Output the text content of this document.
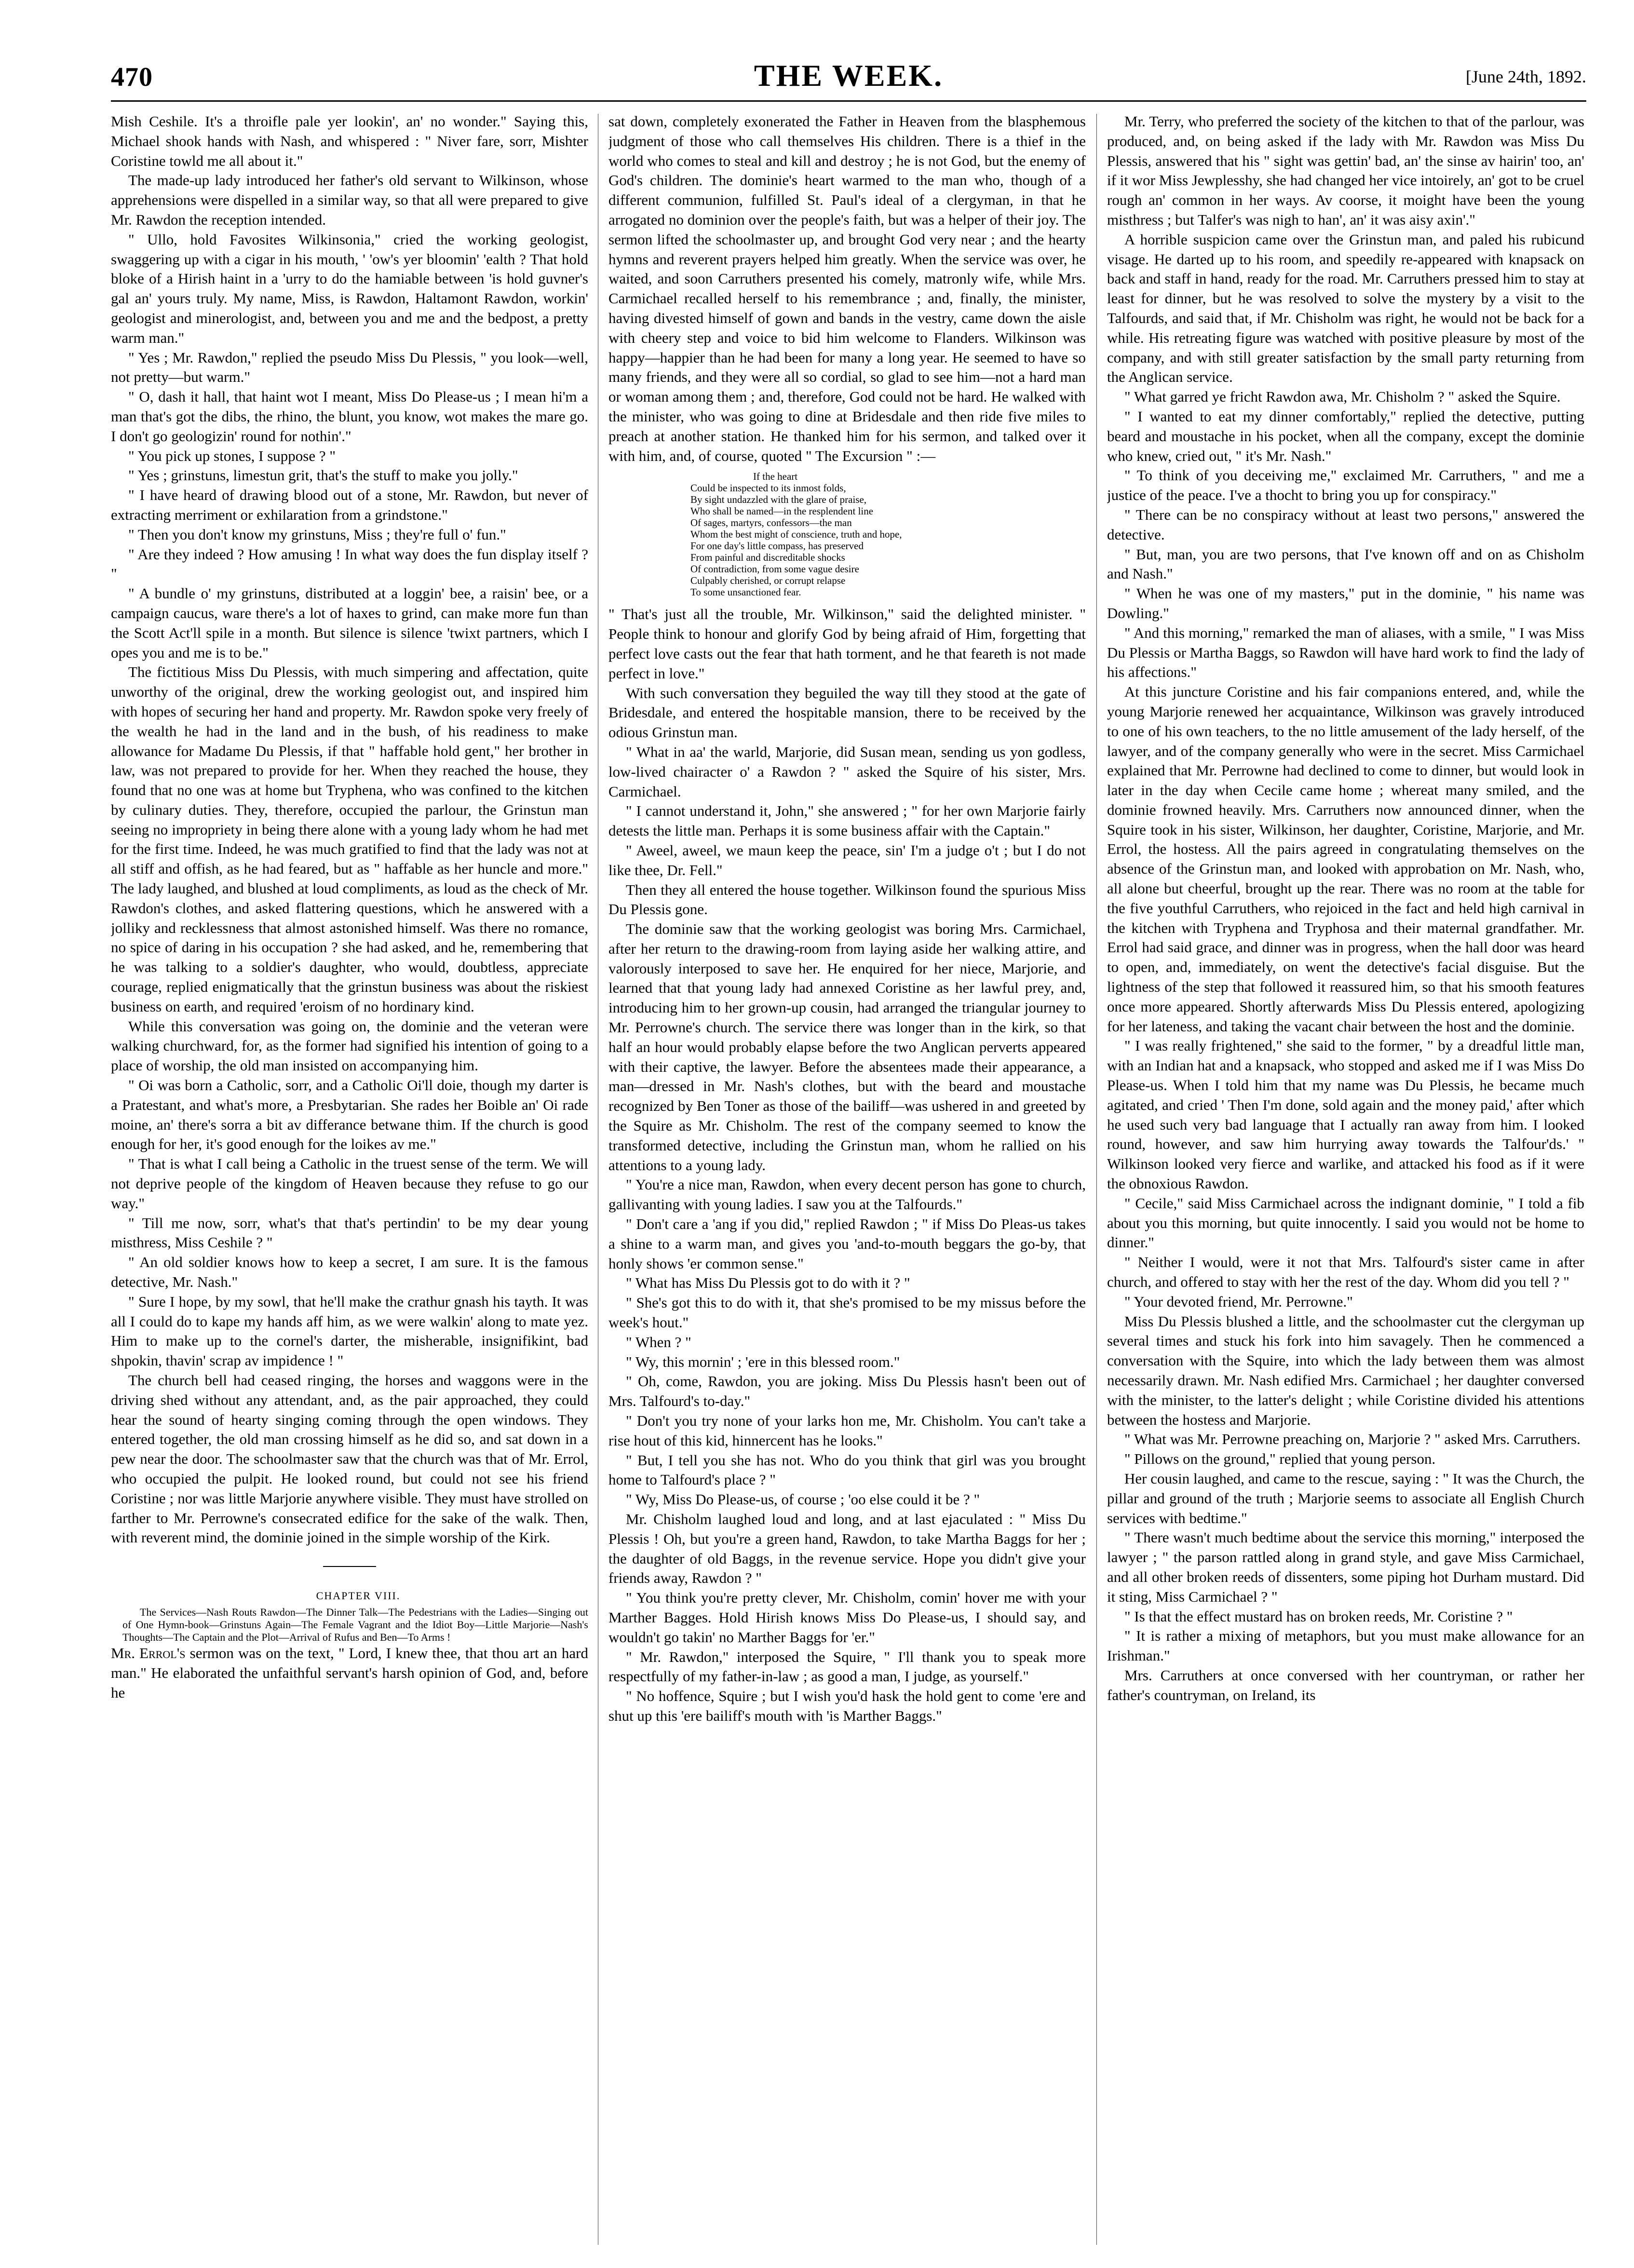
470	THE WEEK.	[June 24th, 1892.

Mish Ceshile. It's a throifle pale yer lookin', an' no wonder." Saying this, Michael shook hands with Nash, and whispered : " Niver fare, sorr, Mishter Coristine towld me all about it."

The made-up lady introduced her father's old servant to Wilkinson, whose apprehensions were dispelled in a similar way, so that all were prepared to give Mr. Rawdon the reception intended.

" Ullo, hold Favosites Wilkinsonia," cried the working geologist, swaggering up with a cigar in his mouth, ' 'ow's yer bloomin' 'ealth ? That hold bloke of a Hirish haint in a 'urry to do the hamiable between 'is hold guvner's gal an' yours truly. My name, Miss, is Rawdon, Haltamont Rawdon, workin' geologist and minerologist, and, between you and me and the bedpost, a pretty warm man."

" Yes ; Mr. Rawdon," replied the pseudo Miss Du Plessis, " you look—well, not pretty—but warm."

" O, dash it hall, that haint wot I meant, Miss Do Please-us ; I mean hi'm a man that's got the dibs, the rhino, the blunt, you know, wot makes the mare go. I don't go geologizin' round for nothin'."

" You pick up stones, I suppose ? "

" Yes ; grinstuns, limestun grit, that's the stuff to make you jolly."

" I have heard of drawing blood out of a stone, Mr. Rawdon, but never of extracting merriment or exhilaration from a grindstone."

" Then you don't know my grinstuns, Miss ; they're full o' fun."

" Are they indeed ? How amusing ! In what way does the fun display itself ? "

" A bundle o' my grinstuns, distributed at a loggin' bee, a raisin' bee, or a campaign caucus, ware there's a lot of haxes to grind, can make more fun than the Scott Act'll spile in a month. But silence is silence 'twixt partners, which I opes you and me is to be."

The fictitious Miss Du Plessis, with much simpering and affectation, quite unworthy of the original, drew the working geologist out, and inspired him with hopes of securing her hand and property. Mr. Rawdon spoke very freely of the wealth he had in the land and in the bush, of his readiness to make allowance for Madame Du Plessis, if that " haffable hold gent," her brother in law, was not prepared to provide for her. When they reached the house, they found that no one was at home but Tryphena, who was confined to the kitchen by culinary duties. They, therefore, occupied the parlour, the Grinstun man seeing no impropriety in being there alone with a young lady whom he had met for the first time. Indeed, he was much gratified to find that the lady was not at all stiff and offish, as he had feared, but as " haffable as her huncle and more." The lady laughed, and blushed at loud compliments, as loud as the check of Mr. Rawdon's clothes, and asked flattering questions, which he answered with a jolliky and recklessness that almost astonished himself. Was there no romance, no spice of daring in his occupation ? she had asked, and he, remembering that he was talking to a soldier's daughter, who would, doubtless, appreciate courage, replied enigmatically that the grinstun business was about the riskiest business on earth, and required 'eroism of no hordinary kind.

While this conversation was going on, the dominie and the veteran were walking churchward, for, as the former had signified his intention of going to a place of worship, the old man insisted on accompanying him.

" Oi was born a Catholic, sorr, and a Catholic Oi'll doie, though my darter is a Pratestant, and what's more, a Presbytarian. She rades her Boible an' Oi rade moine, an' there's sorra a bit av differance betwane thim. If the church is good enough for her, it's good enough for the loikes av me."

" That is what I call being a Catholic in the truest sense of the term. We will not deprive people of the kingdom of Heaven because they refuse to go our way."

" Till me now, sorr, what's that that's pertindin' to be my dear young misthress, Miss Ceshile ? "

" An old soldier knows how to keep a secret, I am sure. It is the famous detective, Mr. Nash."

" Sure I hope, by my sowl, that he'll make the crathur gnash his tayth. It was all I could do to kape my hands aff him, as we were walkin' along to mate yez. Him to make up to the cornel's darter, the misherable, insignifikint, bad shpokin, thavin' scrap av impidence ! "

The church bell had ceased ringing, the horses and waggons were in the driving shed without any attendant, and, as the pair approached, they could hear the sound of hearty singing coming through the open windows. They entered together, the old man crossing himself as he did so, and sat down in a pew near the door. The schoolmaster saw that the church was that of Mr. Errol, who occupied the pulpit. He looked round, but could not see his friend Coristine ; nor was little Marjorie anywhere visible. They must have strolled on farther to Mr. Perrowne's consecrated edifice for the sake of the walk. Then, with reverent mind, the dominie joined in the simple worship of the Kirk.

CHAPTER VIII.

The Services—Nash Routs Rawdon—The Dinner Talk—The Pedestrians with the Ladies—Singing out of One Hymn-book—Grinstuns Again—The Female Vagrant and the Idiot Boy—Little Marjorie—Nash's Thoughts—The Captain and the Plot—Arrival of Rufus and Ben—To Arms !

Mr. Errol's sermon was on the text, " Lord, I knew thee, that thou art an hard man." He elaborated the unfaithful servant's harsh opinion of God, and, before he

sat down, completely exonerated the Father in Heaven from the blasphemous judgment of those who call themselves His children. There is a thief in the world who comes to steal and kill and destroy ; he is not God, but the enemy of God's children. The dominie's heart warmed to the man who, though of a different communion, fulfilled St. Paul's ideal of a clergyman, in that he arrogated no dominion over the people's faith, but was a helper of their joy. The sermon lifted the schoolmaster up, and brought God very near ; and the hearty hymns and reverent prayers helped him greatly. When the service was over, he waited, and soon Carruthers presented his comely, matronly wife, while Mrs. Carmichael recalled herself to his remembrance ; and, finally, the minister, having divested himself of gown and bands in the vestry, came down the aisle with cheery step and voice to bid him welcome to Flanders. Wilkinson was happy—happier than he had been for many a long year. He seemed to have so many friends, and they were all so cordial, so glad to see him—not a hard man or woman among them ; and, therefore, God could not be hard. He walked with the minister, who was going to dine at Bridesdale and then ride five miles to preach at another station. He thanked him for his sermon, and talked over it with him, and, of course, quoted " The Excursion " :—

If the heart
Could be inspected to its inmost folds,
By sight undazzled with the glare of praise,
Who shall be named—in the resplendent line
Of sages, martyrs, confessors—the man
Whom the best might of conscience, truth and hope,
For one day's little compass, has preserved
From painful and discreditable shocks
Of contradiction, from some vague desire
Culpably cherished, or corrupt relapse
To some unsanctioned fear.

" That's just all the trouble, Mr. Wilkinson," said the delighted minister. " People think to honour and glorify God by being afraid of Him, forgetting that perfect love casts out the fear that hath torment, and he that feareth is not made perfect in love."

With such conversation they beguiled the way till they stood at the gate of Bridesdale, and entered the hospitable mansion, there to be received by the odious Grinstun man.

" What in aa' the warld, Marjorie, did Susan mean, sending us yon godless, low-lived chairacter o' a Rawdon ? " asked the Squire of his sister, Mrs. Carmichael.

" I cannot understand it, John," she answered ; " for her own Marjorie fairly detests the little man. Perhaps it is some business affair with the Captain."

" Aweel, aweel, we maun keep the peace, sin' I'm a judge o't ; but I do not like thee, Dr. Fell."

Then they all entered the house together. Wilkinson found the spurious Miss Du Plessis gone.

The dominie saw that the working geologist was boring Mrs. Carmichael, after her return to the drawing-room from laying aside her walking attire, and valorously interposed to save her. He enquired for her niece, Marjorie, and learned that that young lady had annexed Coristine as her lawful prey, and, introducing him to her grown-up cousin, had arranged the triangular journey to Mr. Perrowne's church. The service there was longer than in the kirk, so that half an hour would probably elapse before the two Anglican perverts appeared with their captive, the lawyer. Before the absentees made their appearance, a man—dressed in Mr. Nash's clothes, but with the beard and moustache recognized by Ben Toner as those of the bailiff—was ushered in and greeted by the Squire as Mr. Chisholm. The rest of the company seemed to know the transformed detective, including the Grinstun man, whom he rallied on his attentions to a young lady.

" You're a nice man, Rawdon, when every decent person has gone to church, gallivanting with young ladies. I saw you at the Talfourds."

" Don't care a 'ang if you did," replied Rawdon ; " if Miss Do Pleas-us takes a shine to a warm man, and gives you 'and-to-mouth beggars the go-by, that honly shows 'er common sense."

" What has Miss Du Plessis got to do with it ? "

" She's got this to do with it, that she's promised to be my missus before the week's hout."

" When ? "

" Wy, this mornin' ; 'ere in this blessed room."

" Oh, come, Rawdon, you are joking. Miss Du Plessis hasn't been out of Mrs. Talfourd's to-day."

" Don't you try none of your larks hon me, Mr. Chisholm. You can't take a rise hout of this kid, hinnercent has he looks."

" But, I tell you she has not. Who do you think that girl was you brought home to Talfourd's place ? "

" Wy, Miss Do Please-us, of course ; 'oo else could it be ? "

Mr. Chisholm laughed loud and long, and at last ejaculated : " Miss Du Plessis ! Oh, but you're a green hand, Rawdon, to take Martha Baggs for her ; the daughter of old Baggs, in the revenue service. Hope you didn't give your friends away, Rawdon ? "

" You think you're pretty clever, Mr. Chisholm, comin' hover me with your Marther Bagges. Hold Hirish knows Miss Do Please-us, I should say, and wouldn't go takin' no Marther Baggs for 'er."

" Mr. Rawdon," interposed the Squire, " I'll thank you to speak more respectfully of my father-in-law ; as good a man, I judge, as yourself."

" No hoffence, Squire ; but I wish you'd hask the hold gent to come 'ere and shut up this 'ere bailiff's mouth with 'is Marther Baggs."

Mr. Terry, who preferred the society of the kitchen to that of the parlour, was produced, and, on being asked if the lady with Mr. Rawdon was Miss Du Plessis, answered that his " sight was gettin' bad, an' the sinse av hairin' too, an' if it wor Miss Jewplesshy, she had changed her vice intoirely, an' got to be cruel rough an' common in her ways. Av coorse, it moight have been the young misthress ; but Talfer's was nigh to han', an' it was aisy axin'."

A horrible suspicion came over the Grinstun man, and paled his rubicund visage. He darted up to his room, and speedily re-appeared with knapsack on back and staff in hand, ready for the road. Mr. Carruthers pressed him to stay at least for dinner, but he was resolved to solve the mystery by a visit to the Talfourds, and said that, if Mr. Chisholm was right, he would not be back for a while. His retreating figure was watched with positive pleasure by most of the company, and with still greater satisfaction by the small party returning from the Anglican service.

" What garred ye fricht Rawdon awa, Mr. Chisholm ? " asked the Squire.

" I wanted to eat my dinner comfortably," replied the detective, putting beard and moustache in his pocket, when all the company, except the dominie who knew, cried out, " it's Mr. Nash."

" To think of you deceiving me," exclaimed Mr. Carruthers, " and me a justice of the peace. I've a thocht to bring you up for conspiracy."

" There can be no conspiracy without at least two persons," answered the detective.

" But, man, you are two persons, that I've known off and on as Chisholm and Nash."

" When he was one of my masters," put in the dominie, " his name was Dowling."

" And this morning," remarked the man of aliases, with a smile, " I was Miss Du Plessis or Martha Baggs, so Rawdon will have hard work to find the lady of his affections."

At this juncture Coristine and his fair companions entered, and, while the young Marjorie renewed her acquaintance, Wilkinson was gravely introduced to one of his own teachers, to the no little amusement of the lady herself, of the lawyer, and of the company generally who were in the secret. Miss Carmichael explained that Mr. Perrowne had declined to come to dinner, but would look in later in the day when Cecile came home ; whereat many smiled, and the dominie frowned heavily. Mrs. Carruthers now announced dinner, when the Squire took in his sister, Wilkinson, her daughter, Coristine, Marjorie, and Mr. Errol, the hostess. All the pairs agreed in congratulating themselves on the absence of the Grinstun man, and looked with approbation on Mr. Nash, who, all alone but cheerful, brought up the rear. There was no room at the table for the five youthful Carruthers, who rejoiced in the fact and held high carnival in the kitchen with Tryphena and Tryphosa and their maternal grandfather. Mr. Errol had said grace, and dinner was in progress, when the hall door was heard to open, and, immediately, on went the detective's facial disguise. But the lightness of the step that followed it reassured him, so that his smooth features once more appeared. Shortly afterwards Miss Du Plessis entered, apologizing for her lateness, and taking the vacant chair between the host and the dominie.

" I was really frightened," she said to the former, " by a dreadful little man, with an Indian hat and a knapsack, who stopped and asked me if I was Miss Do Please-us. When I told him that my name was Du Plessis, he became much agitated, and cried ' Then I'm done, sold again and the money paid,' after which he used such very bad language that I actually ran away from him. I looked round, however, and saw him hurrying away towards the Talfour'ds.' " Wilkinson looked very fierce and warlike, and attacked his food as if it were the obnoxious Rawdon.

" Cecile," said Miss Carmichael across the indignant dominie, " I told a fib about you this morning, but quite innocently. I said you would not be home to dinner."

" Neither I would, were it not that Mrs. Talfourd's sister came in after church, and offered to stay with her the rest of the day. Whom did you tell ? "

" Your devoted friend, Mr. Perrowne."

Miss Du Plessis blushed a little, and the schoolmaster cut the clergyman up several times and stuck his fork into him savagely. Then he commenced a conversation with the Squire, into which the lady between them was almost necessarily drawn. Mr. Nash edified Mrs. Carmichael ; her daughter conversed with the minister, to the latter's delight ; while Coristine divided his attentions between the hostess and Marjorie.

" What was Mr. Perrowne preaching on, Marjorie ? " asked Mrs. Carruthers.

" Pillows on the ground," replied that young person.

Her cousin laughed, and came to the rescue, saying : " It was the Church, the pillar and ground of the truth ; Marjorie seems to associate all English Church services with bedtime."

" There wasn't much bedtime about the service this morning," interposed the lawyer ; " the parson rattled along in grand style, and gave Miss Carmichael, and all other broken reeds of dissenters, some piping hot Durham mustard. Did it sting, Miss Carmichael ? "

" Is that the effect mustard has on broken reeds, Mr. Coristine ? "

" It is rather a mixing of metaphors, but you must make allowance for an Irishman."

Mrs. Carruthers at once conversed with her countryman, or rather her father's countryman, on Ireland, its
